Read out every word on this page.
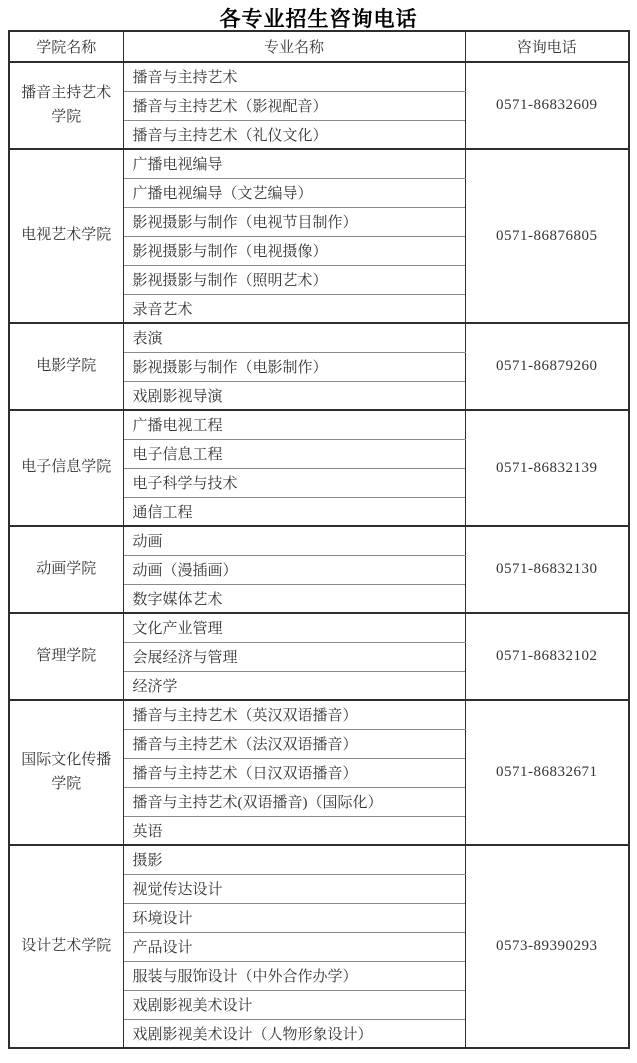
各专业招生咨询电话
学院名称	专业名称	咨询电话
播音主持艺术学院	播音与主持艺术	0571-86832609
	播音与主持艺术（影视配音）	
	播音与主持艺术（礼仪文化）	
电视艺术学院	广播电视编导	0571-86876805
	广播电视编导（文艺编导）	
	影视摄影与制作（电视节目制作）	
	影视摄影与制作（电视摄像）	
	影视摄影与制作（照明艺术）	
	录音艺术	
电影学院	表演	0571-86879260
	影视摄影与制作（电影制作）	
	戏剧影视导演	
电子信息学院	广播电视工程	0571-86832139
	电子信息工程	
	电子科学与技术	
	通信工程	
动画学院	动画	0571-86832130
	动画（漫插画）	
	数字媒体艺术	
管理学院	文化产业管理	0571-86832102
	会展经济与管理	
	经济学	
国际文化传播学院	播音与主持艺术（英汉双语播音）	0571-86832671
	播音与主持艺术（法汉双语播音）	
	播音与主持艺术（日汉双语播音）	
	播音与主持艺术(双语播音)（国际化）	
	英语	
设计艺术学院	摄影	0573-89390293
	视觉传达设计	
	环境设计	
	产品设计	
	服装与服饰设计（中外合作办学）	
	戏剧影视美术设计	
	戏剧影视美术设计（人物形象设计）	
